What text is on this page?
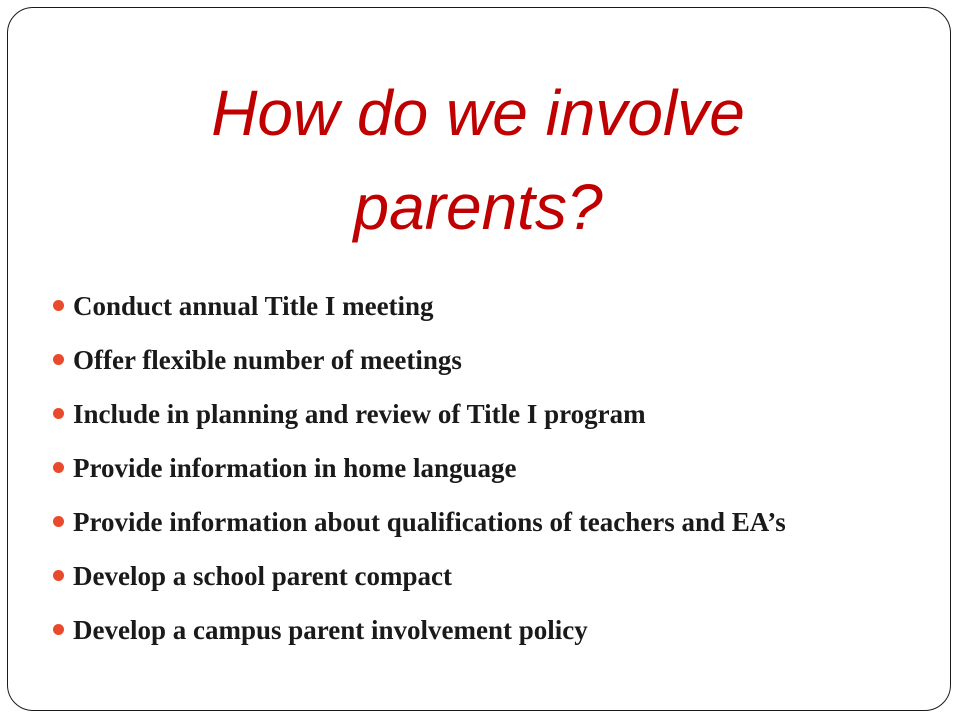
How do we involve
parents?
Conduct annual Title I meeting
Offer flexible number of meetings
Include in planning and review of Title I program
Provide information in home language
Provide information about qualifications of teachers and EA’s
Develop a school parent compact
Develop a campus parent involvement policy
